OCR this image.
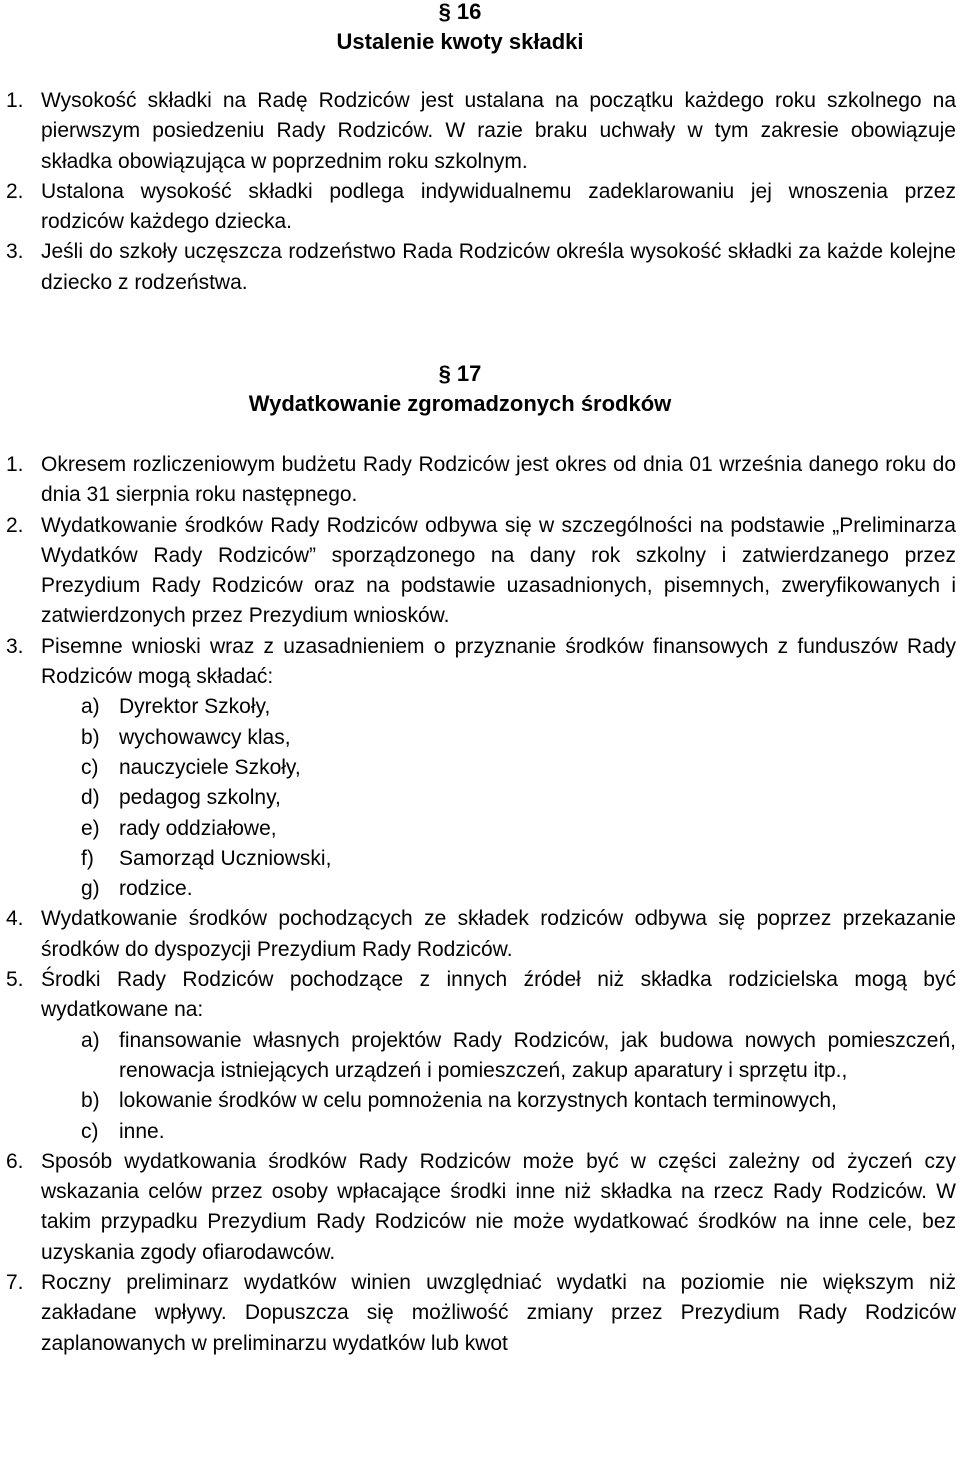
§ 16
Ustalenie kwoty składki
1. Wysokość składki na Radę Rodziców jest ustalana na początku każdego roku szkolnego na pierwszym posiedzeniu Rady Rodziców. W razie braku uchwały w tym zakresie obowiązuje składka obowiązująca w poprzednim roku szkolnym.
2. Ustalona wysokość składki podlega indywidualnemu zadeklarowaniu jej wnoszenia przez rodziców każdego dziecka.
3. Jeśli do szkoły uczęszcza rodzeństwo Rada Rodziców określa wysokość składki za każde kolejne dziecko z rodzeństwa.
§ 17
Wydatkowanie zgromadzonych środków
1. Okresem rozliczeniowym budżetu Rady Rodziców jest okres od dnia 01 września danego roku do dnia 31 sierpnia roku następnego.
2. Wydatkowanie środków Rady Rodziców odbywa się w szczególności na podstawie „Preliminarza Wydatków Rady Rodziców” sporządzonego na dany rok szkolny i zatwierdzanego przez Prezydium Rady Rodziców oraz na podstawie uzasadnionych, pisemnych, zweryfikowanych i zatwierdzonych przez Prezydium wniosków.
3. Pisemne wnioski wraz z uzasadnieniem o przyznanie środków finansowych z funduszów Rady Rodziców mogą składać:
a) Dyrektor Szkoły,
b) wychowawcy klas,
c) nauczyciele Szkoły,
d) pedagog szkolny,
e) rady oddziałowe,
f) Samorząd Uczniowski,
g) rodzice.
4. Wydatkowanie środków pochodzących ze składek rodziców odbywa się poprzez przekazanie środków do dyspozycji Prezydium Rady Rodziców.
5. Środki Rady Rodziców pochodzące z innych źródeł niż składka rodzicielska mogą być wydatkowane na:
a) finansowanie własnych projektów Rady Rodziców, jak budowa nowych pomieszczeń, renowacja istniejących urządzeń i pomieszczeń, zakup aparatury i sprzętu itp.,
b) lokowanie środków w celu pomnożenia na korzystnych kontach terminowych,
c) inne.
6. Sposób wydatkowania środków Rady Rodziców może być w części zależny od życzeń czy wskazania celów przez osoby wpłacające środki inne niż składka na rzecz Rady Rodziców. W takim przypadku Prezydium Rady Rodziców nie może wydatkować środków na inne cele, bez uzyskania zgody ofiarodawców.
7. Roczny preliminarz wydatków winien uwzględniać wydatki na poziomie nie większym niż zakładane wpływy. Dopuszcza się możliwość zmiany przez Prezydium Rady Rodziców zaplanowanych w preliminarzu wydatków lub kwot
